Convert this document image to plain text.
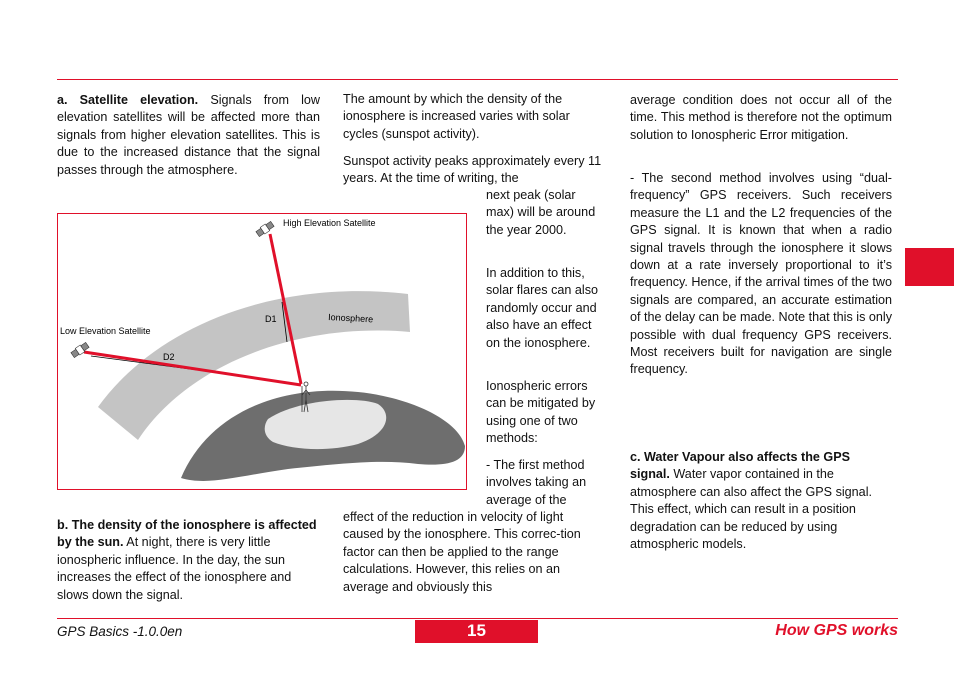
a. Satellite elevation. Signals from low elevation satellites will be affected more than signals from higher elevation satellites. This is due to the increased distance that the signal passes through the atmosphere.

D2
D1	Ionosphere
High Elevation Satellite
Low Elevation Satellite

b. The density of the ionosphere is affected by the sun. At night, there is very little ionospheric influence. In the day, the sun increases the effect of the ionosphere and slows down the signal.

The amount by which the density of the ionosphere is increased varies with solar cycles (sunspot activity).

Sunspot activity peaks approximately every 11 years. At the time of writing, the

next peak (solar max) will be around the year 2000.

In addition to this, solar flares can also randomly occur and also have an effect on the ionosphere.

Ionospheric errors can be mitigated by using one of two methods:

- The first method involves taking an average of the

effect of the reduction in velocity of light caused by the ionosphere. This correc-tion factor can then be applied to the range calculations. However, this relies on an average and obviously this

average condition does not occur all of the time. This method is therefore not the optimum solution to Ionospheric Error mitigation.

- The second method involves using “dual-frequency” GPS receivers. Such receivers measure the L1 and the L2 frequencies of the GPS signal. It is known that when a radio signal travels through the ionosphere it slows down at a rate inversely proportional to it’s frequency. Hence, if the arrival times of the two signals are compared, an accurate estimation of the delay can be made. Note that this is only possible with dual frequency GPS receivers. Most receivers built for navigation are single frequency.

c. Water Vapour also affects the GPS signal. Water vapor contained in the atmosphere can also affect the GPS signal. This effect, which can result in a position degradation can be reduced by using atmospheric models.

GPS Basics -1.0.0en	15	How GPS works
